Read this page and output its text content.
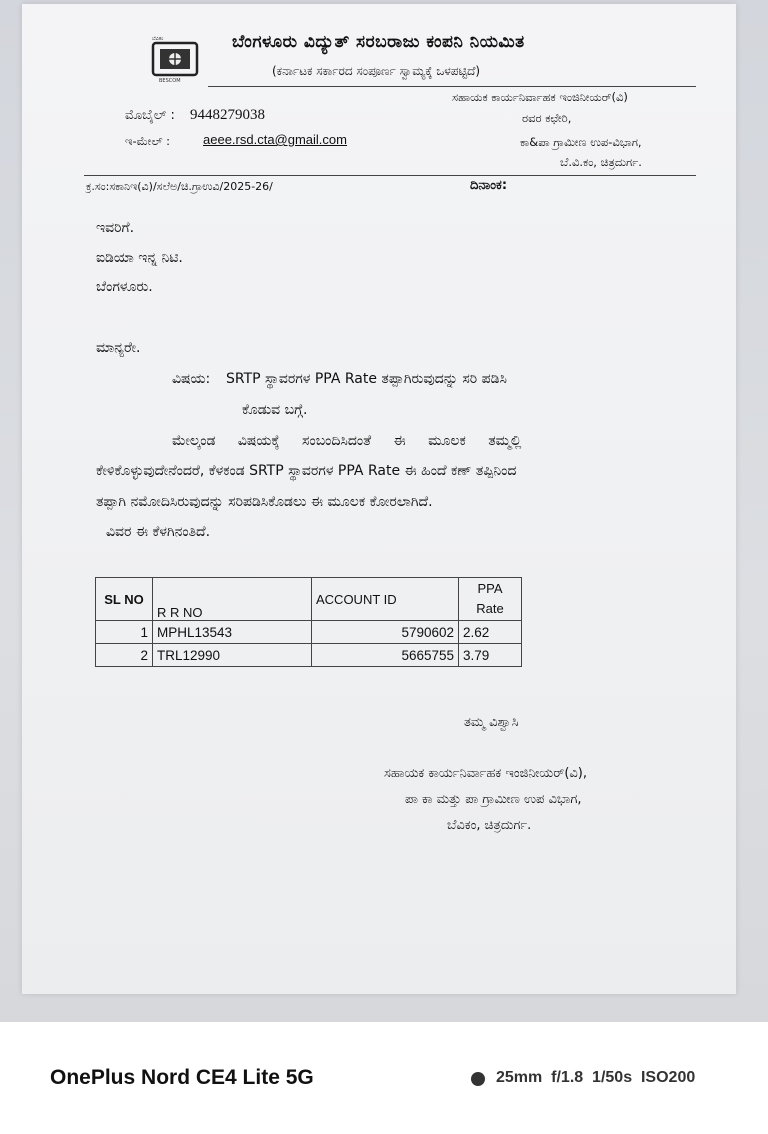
ಬೆವಿಕಂ
BESCOM
ಬೆಂಗಳೂರು ವಿದ್ಯುತ್ ಸರಬರಾಜು ಕಂಪನಿ ನಿಯಮಿತ
(ಕರ್ನಾಟಕ ಸರ್ಕಾರದ ಸಂಪೂರ್ಣ ಸ್ವಾಮ್ಯಕ್ಕೆ ಒಳಪಟ್ಟಿದೆ)
ಸಹಾಯಕ ಕಾರ್ಯನಿರ್ವಾಹಕ ಇಂಜಿನೀಯರ್(ವಿ)
ರವರ ಕಛೇರಿ,
ಕಾ&ಪಾ ಗ್ರಾಮೀಣ ಉಪ-ವಿಭಾಗ,
ಬೆ.ವಿ.ಕಂ, ಚಿತ್ರದುರ್ಗ.
ಮೊಬೈಲ್ : 9448279038
ಇ-ಮೇಲ್ :	aeee.rsd.cta@gmail.com
ಕ್ರ.ಸಂ:ಸಕಾನಿಇ(ವಿ)/ಸಲೆಅ/ಚಿ.ಗ್ರಾಉವಿ/2025-26/	ದಿನಾಂಕ:
ಇವರಿಗೆ.
ಐಡಿಯಾ ಇನ್ನ ನಿಟಿ.
ಬೆಂಗಳೂರು.
ಮಾನ್ಯರೇ.
ವಿಷಯ: SRTP ಸ್ಥಾವರಗಳ PPA Rate ತಪ್ಪಾಗಿರುವುದನ್ನು ಸರಿ ಪಡಿಸಿ
ಕೊಡುವ ಬಗ್ಗೆ.
ಮೇಲ್ಕಂಡ ವಿಷಯಕ್ಕೆ ಸಂಬಂದಿಸಿದಂತೆ ಈ ಮೂಲಕ ತಮ್ಮಲ್ಲಿ
ಕೇಳಿಕೊಳ್ಳುವುದೇನೆಂದರೆ, ಕೆಳಕಂಡ SRTP ಸ್ಥಾವರಗಳ PPA Rate ಈ ಹಿಂದೆ ಕಣ್ ತಪ್ಪಿನಿಂದ
ತಪ್ಪಾಗಿ ನಮೋದಿಸಿರುವುದನ್ನು ಸರಿಪಡಿಸಿಕೊಡಲು ಈ ಮೂಲಕ ಕೋರಲಾಗಿದೆ.
ವಿವರ ಈ ಕೆಳಗಿನಂತಿದೆ.
SL NO	R R NO	ACCOUNT ID	PPA Rate
1	MPHL13543	5790602	2.62
2	TRL12990	5665755	3.79
ತಮ್ಮ ವಿಶ್ವಾಸಿ
ಸಹಾಯಕ ಕಾರ್ಯನಿರ್ವಾಹಕ ಇಂಜಿನೀಯರ್(ವಿ),
ಪಾ ಕಾ ಮತ್ತು ಪಾ ಗ್ರಾಮೀಣ ಉಪ ವಿಭಾಗ,
ಬೆವಿಕಂ, ಚಿತ್ರದುರ್ಗ.
OnePlus Nord CE4 Lite 5G	25mm  f/1.8  1/50s  ISO200
